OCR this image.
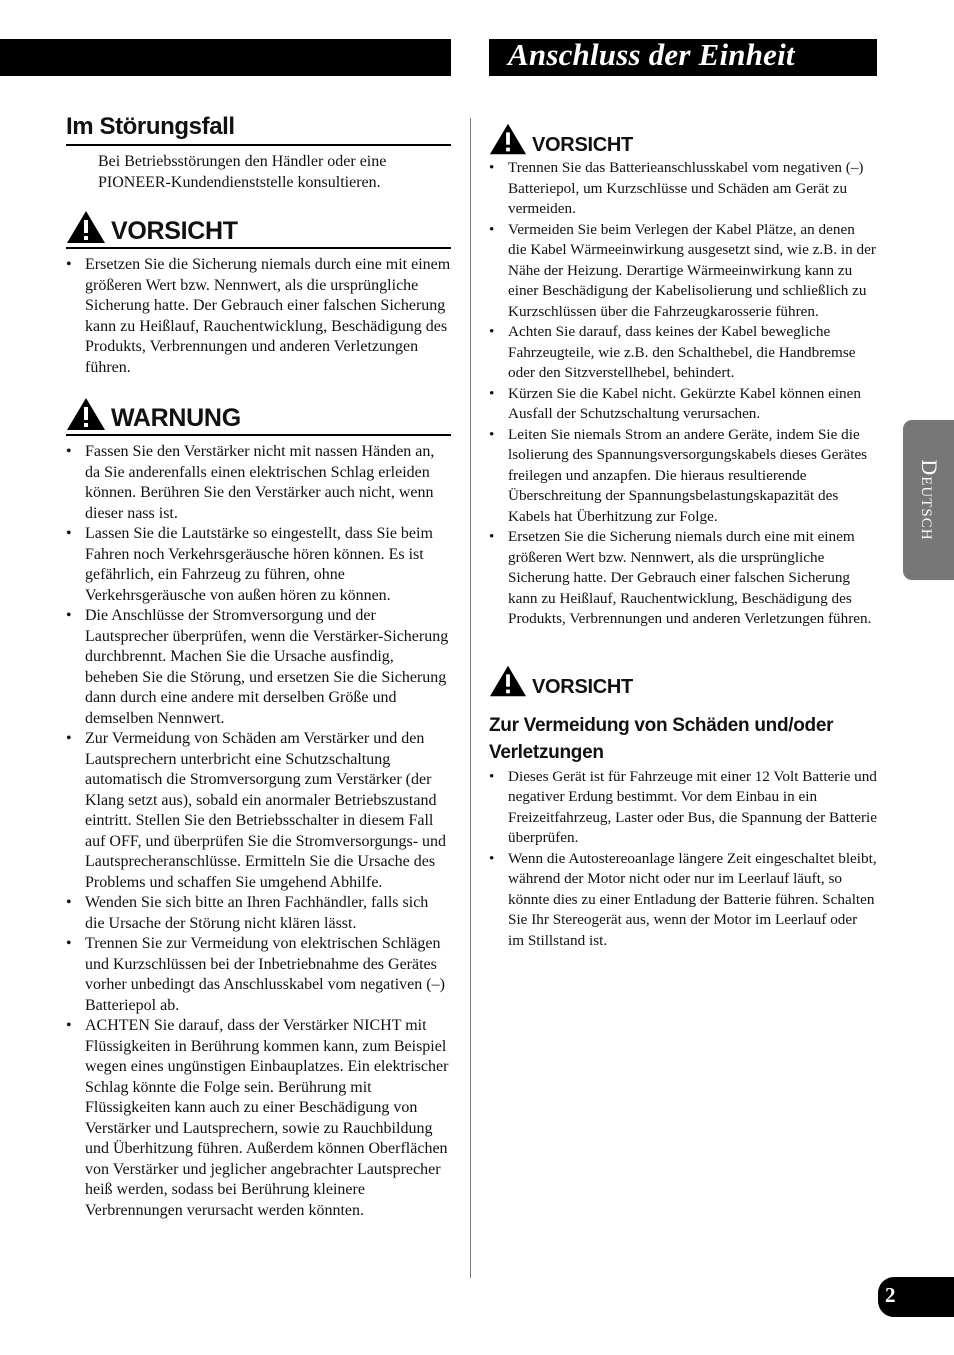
Anschluss der Einheit
Deutsch
2
Im Störungsfall

Bei Betriebsstörungen den Händler oder eine PIONEER-Kundendienststelle konsultieren.

VORSICHT
• Ersetzen Sie die Sicherung niemals durch eine mit einem größeren Wert bzw. Nennwert, als die ursprüngliche Sicherung hatte. Der Gebrauch einer falschen Sicherung kann zu Heißlauf, Rauchentwicklung, Beschädigung des Produkts, Verbrennungen und anderen Verletzungen führen.
WARNUNG
• Fassen Sie den Verstärker nicht mit nassen Händen an, da Sie anderenfalls einen elektrischen Schlag erleiden können. Berühren Sie den Verstärker auch nicht, wenn dieser nass ist.
• Lassen Sie die Lautstärke so eingestellt, dass Sie beim Fahren noch Verkehrsgeräusche hören können. Es ist gefährlich, ein Fahrzeug zu führen, ohne Verkehrsgeräusche von außen hören zu können.
• Die Anschlüsse der Stromversorgung und der Lautsprecher überprüfen, wenn die Verstärker-Sicherung durchbrennt. Machen Sie die Ursache ausfindig, beheben Sie die Störung, und ersetzen Sie die Sicherung dann durch eine andere mit derselben Größe und demselben Nennwert.
• Zur Vermeidung von Schäden am Verstärker und den Lautsprechern unterbricht eine Schutzschaltung automatisch die Stromversorgung zum Verstärker (der Klang setzt aus), sobald ein anormaler Betriebszustand eintritt. Stellen Sie den Betriebsschalter in diesem Fall auf OFF, und überprüfen Sie die Stromversorgungs- und Lautsprecheranschlüsse. Ermitteln Sie die Ursache des Problems und schaffen Sie umgehend Abhilfe.
• Wenden Sie sich bitte an Ihren Fachhändler, falls sich die Ursache der Störung nicht klären lässt.
• Trennen Sie zur Vermeidung von elektrischen Schlägen und Kurzschlüssen bei der Inbetriebnahme des Gerätes vorher unbedingt das Anschlusskabel vom negativen (–) Batteriepol ab.
• ACHTEN Sie darauf, dass der Verstärker NICHT mit Flüssigkeiten in Berührung kommen kann, zum Beispiel wegen eines ungünstigen Einbauplatzes. Ein elektrischer Schlag könnte die Folge sein. Berührung mit Flüssigkeiten kann auch zu einer Beschädigung von Verstärker und Lautsprechern, sowie zu Rauchbildung und Überhitzung führen. Außerdem können Oberflächen von Verstärker und jeglicher angebrachter Lautsprecher heiß werden, sodass bei Berührung kleinere Verbrennungen verursacht werden könnten.
VORSICHT
• Trennen Sie das Batterieanschlusskabel vom negativen (–) Batteriepol, um Kurzschlüsse und Schäden am Gerät zu vermeiden.
• Vermeiden Sie beim Verlegen der Kabel Plätze, an denen die Kabel Wärmeeinwirkung ausgesetzt sind, wie z.B. in der Nähe der Heizung. Derartige Wärmeeinwirkung kann zu einer Beschädigung der Kabelisolierung und schließlich zu Kurzschlüssen über die Fahrzeugkarosserie führen.
• Achten Sie darauf, dass keines der Kabel bewegliche Fahrzeugteile, wie z.B. den Schalthebel, die Handbremse oder den Sitzverstellhebel, behindert.
• Kürzen Sie die Kabel nicht. Gekürzte Kabel können einen Ausfall der Schutzschaltung verursachen.
• Leiten Sie niemals Strom an andere Geräte, indem Sie die lsolierung des Spannungsversorgungskabels dieses Gerätes freilegen und anzapfen. Die hieraus resultierende Überschreitung der Spannungsbelastungskapazität des Kabels hat Überhitzung zur Folge.
• Ersetzen Sie die Sicherung niemals durch eine mit einem größeren Wert bzw. Nennwert, als die ursprüngliche Sicherung hatte. Der Gebrauch einer falschen Sicherung kann zu Heißlauf, Rauchentwicklung, Beschädigung des Produkts, Verbrennungen und anderen Verletzungen führen.
VORSICHT
Zur Vermeidung von Schäden und/oder Verletzungen
• Dieses Gerät ist für Fahrzeuge mit einer 12 Volt Batterie und negativer Erdung bestimmt. Vor dem Einbau in ein Freizeitfahrzeug, Laster oder Bus, die Spannung der Batterie überprüfen.
• Wenn die Autostereoanlage längere Zeit eingeschaltet bleibt, während der Motor nicht oder nur im Leerlauf läuft, so könnte dies zu einer Entladung der Batterie führen. Schalten Sie Ihr Stereogerät aus, wenn der Motor im Leerlauf oder im Stillstand ist.
